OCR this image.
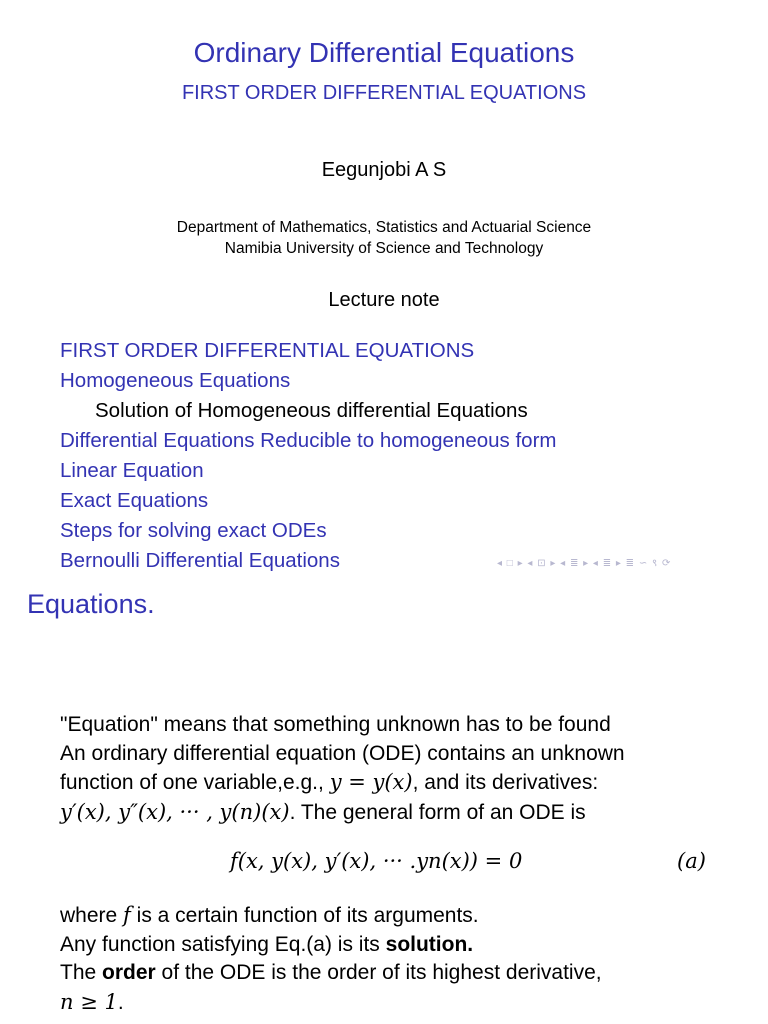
Ordinary Differential Equations
FIRST ORDER DIFFERENTIAL EQUATIONS
Eegunjobi A S
Department of Mathematics, Statistics and Actuarial Science
Namibia University of Science and Technology
Lecture note
FIRST ORDER DIFFERENTIAL EQUATIONS
Homogeneous Equations
Solution of Homogeneous differential Equations
Differential Equations Reducible to homogeneous form
Linear Equation
Exact Equations
Steps for solving exact ODEs
Bernoulli Differential Equations	◂ □ ▸ ◂ ⊡ ▸ ◂ ≣ ▸ ◂ ≣ ▸ ≣ ∽ ९ ⟳
Equations.
"Equation" means that something unknown has to be found
An ordinary differential equation (ODE) contains an unknown
function of one variable,e.g., y = y(x), and its derivatives:
y′(x), y″(x), ··· , y(n)(x). The general form of an ODE is
f(x, y(x), y′(x), ··· .yn(x)) = 0	(a)
where f is a certain function of its arguments.
Any function satisfying Eq.(a) is its solution.
The order of the ODE is the order of its highest derivative,
n ≥ 1.
